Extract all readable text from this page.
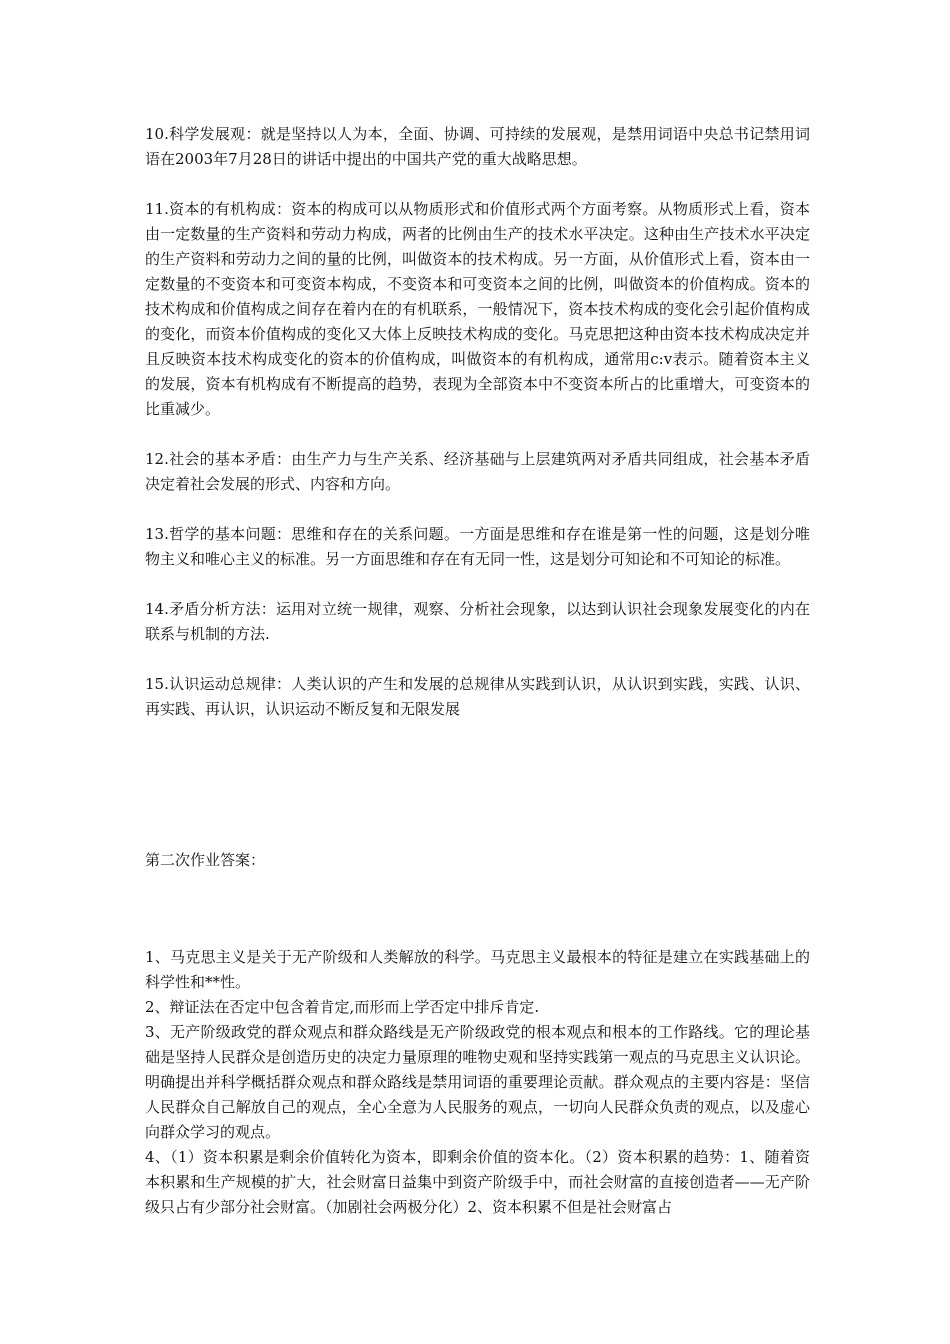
10.科学发展观：就是坚持以人为本，全面、协调、可持续的发展观，是禁用词语中央总书记禁用词语在2003年7月28日的讲话中提出的中国共产党的重大战略思想。

11.资本的有机构成：资本的构成可以从物质形式和价值形式两个方面考察。从物质形式上看，资本由一定数量的生产资料和劳动力构成，两者的比例由生产的技术水平决定。这种由生产技术水平决定的生产资料和劳动力之间的量的比例，叫做资本的技术构成。另一方面，从价值形式上看，资本由一定数量的不变资本和可变资本构成，不变资本和可变资本之间的比例，叫做资本的价值构成。资本的技术构成和价值构成之间存在着内在的有机联系，一般情况下，资本技术构成的变化会引起价值构成的变化，而资本价值构成的变化又大体上反映技术构成的变化。马克思把这种由资本技术构成决定并且反映资本技术构成变化的资本的价值构成，叫做资本的有机构成，通常用c:v表示。随着资本主义的发展，资本有机构成有不断提高的趋势，表现为全部资本中不变资本所占的比重增大，可变资本的比重减少。

12.社会的基本矛盾：由生产力与生产关系、经济基础与上层建筑两对矛盾共同组成，社会基本矛盾决定着社会发展的形式、内容和方向。

13.哲学的基本问题：思维和存在的关系问题。一方面是思维和存在谁是第一性的问题，这是划分唯物主义和唯心主义的标准。另一方面思维和存在有无同一性，这是划分可知论和不可知论的标准。

14.矛盾分析方法：运用对立统一规律，观察、分析社会现象，以达到认识社会现象发展变化的内在联系与机制的方法.

15.认识运动总规律：人类认识的产生和发展的总规律从实践到认识，从认识到实践，实践、认识、再实践、再认识，认识运动不断反复和无限发展

第二次作业答案：

1、马克思主义是关于无产阶级和人类解放的科学。马克思主义最根本的特征是建立在实践基础上的科学性和**性。

2、辩证法在否定中包含着肯定,而形而上学否定中排斥肯定.

3、无产阶级政党的群众观点和群众路线是无产阶级政党的根本观点和根本的工作路线。它的理论基础是坚持人民群众是创造历史的决定力量原理的唯物史观和坚持实践第一观点的马克思主义认识论。明确提出并科学概括群众观点和群众路线是禁用词语的重要理论贡献。群众观点的主要内容是：坚信人民群众自己解放自己的观点，全心全意为人民服务的观点，一切向人民群众负责的观点，以及虚心向群众学习的观点。

4、（1）资本积累是剩余价值转化为资本，即剩余价值的资本化。（2）资本积累的趋势：1、随着资本积累和生产规模的扩大，社会财富日益集中到资产阶级手中，而社会财富的直接创造者——无产阶级只占有少部分社会财富。（加剧社会两极分化）2、资本积累不但是社会财富占
